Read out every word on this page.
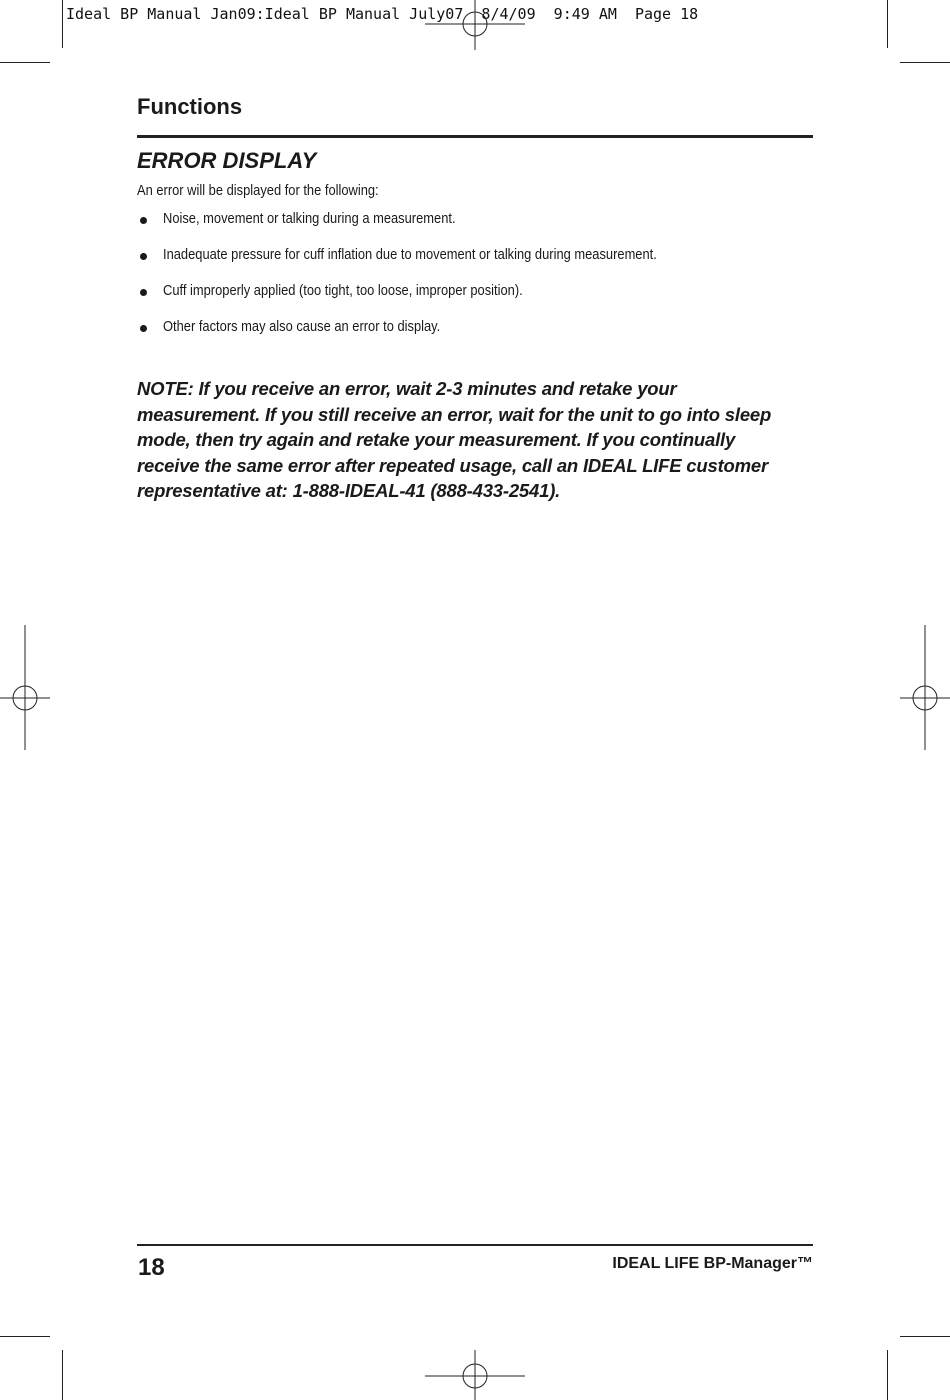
Ideal BP Manual Jan09:Ideal BP Manual July07  8/4/09  9:49 AM  Page 18
Functions
ERROR DISPLAY
An error will be displayed for the following:
Noise, movement or talking during a measurement.
Inadequate pressure for cuff inflation due to movement or talking during measurement.
Cuff improperly applied (too tight, too loose, improper position).
Other factors may also cause an error to display.
NOTE: If you receive an error, wait 2-3 minutes and retake your
measurement. If you still receive an error, wait for the unit to go into sleep
mode, then try again and retake your measurement. If you continually
receive the same error after repeated usage, call an IDEAL LIFE customer
representative at: 1-888-IDEAL-41 (888-433-2541).
18	IDEAL LIFE BP-Manager™
